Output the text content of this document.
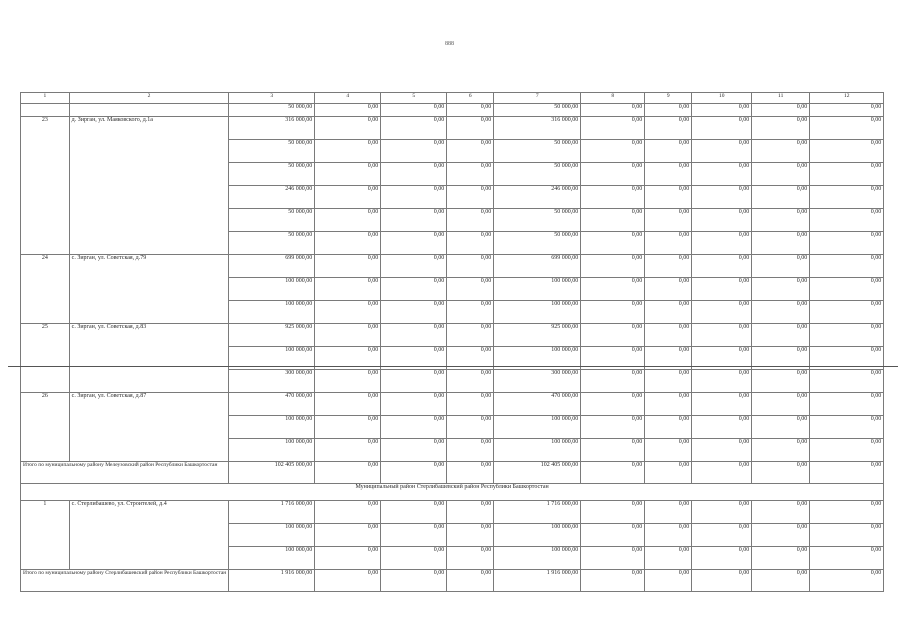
888
1	2	3	4	5	6	7	8	9	10	11	12
		50 000,00	0,00	0,00	0,00	50 000,00	0,00	0,00	0,00	0,00	0,00
23	д. Зирган, ул. Маяковского, д.1а	316 000,00	0,00	0,00	0,00	316 000,00	0,00	0,00	0,00	0,00	0,00
		50 000,00	0,00	0,00	0,00	50 000,00	0,00	0,00	0,00	0,00	0,00
		50 000,00	0,00	0,00	0,00	50 000,00	0,00	0,00	0,00	0,00	0,00
		246 000,00	0,00	0,00	0,00	246 000,00	0,00	0,00	0,00	0,00	0,00
		50 000,00	0,00	0,00	0,00	50 000,00	0,00	0,00	0,00	0,00	0,00
		50 000,00	0,00	0,00	0,00	50 000,00	0,00	0,00	0,00	0,00	0,00
24	с. Зирган, ул. Советская, д.79	699 000,00	0,00	0,00	0,00	699 000,00	0,00	0,00	0,00	0,00	0,00
		100 000,00	0,00	0,00	0,00	100 000,00	0,00	0,00	0,00	0,00	0,00
		100 000,00	0,00	0,00	0,00	100 000,00	0,00	0,00	0,00	0,00	0,00
25	с. Зирган, ул. Советская, д.83	925 000,00	0,00	0,00	0,00	925 000,00	0,00	0,00	0,00	0,00	0,00
		100 000,00	0,00	0,00	0,00	100 000,00	0,00	0,00	0,00	0,00	0,00
		300 000,00	0,00	0,00	0,00	300 000,00	0,00	0,00	0,00	0,00	0,00
26	с. Зирган, ул. Советская, д.87	470 000,00	0,00	0,00	0,00	470 000,00	0,00	0,00	0,00	0,00	0,00
		100 000,00	0,00	0,00	0,00	100 000,00	0,00	0,00	0,00	0,00	0,00
		100 000,00	0,00	0,00	0,00	100 000,00	0,00	0,00	0,00	0,00	0,00
Итого по муниципальному району Мелеузовский район Республики Башкортостан		102 405 000,00	0,00	0,00	0,00	102 405 000,00	0,00	0,00	0,00	0,00	0,00
Муниципальный район Стерлибашевский район Республики Башкортостан											
1	с. Стерлибашево, ул. Строителей, д.4	1 716 000,00	0,00	0,00	0,00	1 716 000,00	0,00	0,00	0,00	0,00	0,00
		100 000,00	0,00	0,00	0,00	100 000,00	0,00	0,00	0,00	0,00	0,00
		100 000,00	0,00	0,00	0,00	100 000,00	0,00	0,00	0,00	0,00	0,00
Итого по муниципальному району Стерлибашевский район Республики Башкортостан		1 916 000,00	0,00	0,00	0,00	1 916 000,00	0,00	0,00	0,00	0,00	0,00
